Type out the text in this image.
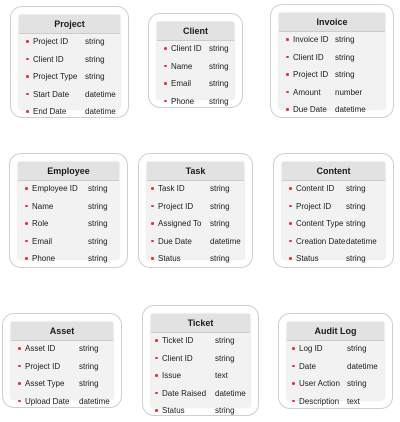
Project
Project ID string
Client ID	string
Project Type string
Start Date datetime
End Date datetime
Client
Client ID string
Name string
Email string
Phone string
Invoice
Invoice ID string
Client ID string
Project ID string
Amount number
Due Date datetime
Employee
Employee ID string
Name	string
Role	string
Email	string
Phone	string
Task
Task ID	string
Project ID string
Assigned To string
Due Date datetime
Status	string
Content
Content ID string
Project ID string
Content Type string
Creation Date datetime
Status	string
Asset
Asset ID	string
Project ID string
Asset Type string
Upload Date datetime
Ticket
Ticket ID	string
Client ID	string
Issue	text
Date Raised datetime
Status	string
Audit Log
Log ID	string
Date	datetime
User Action string
Description text
